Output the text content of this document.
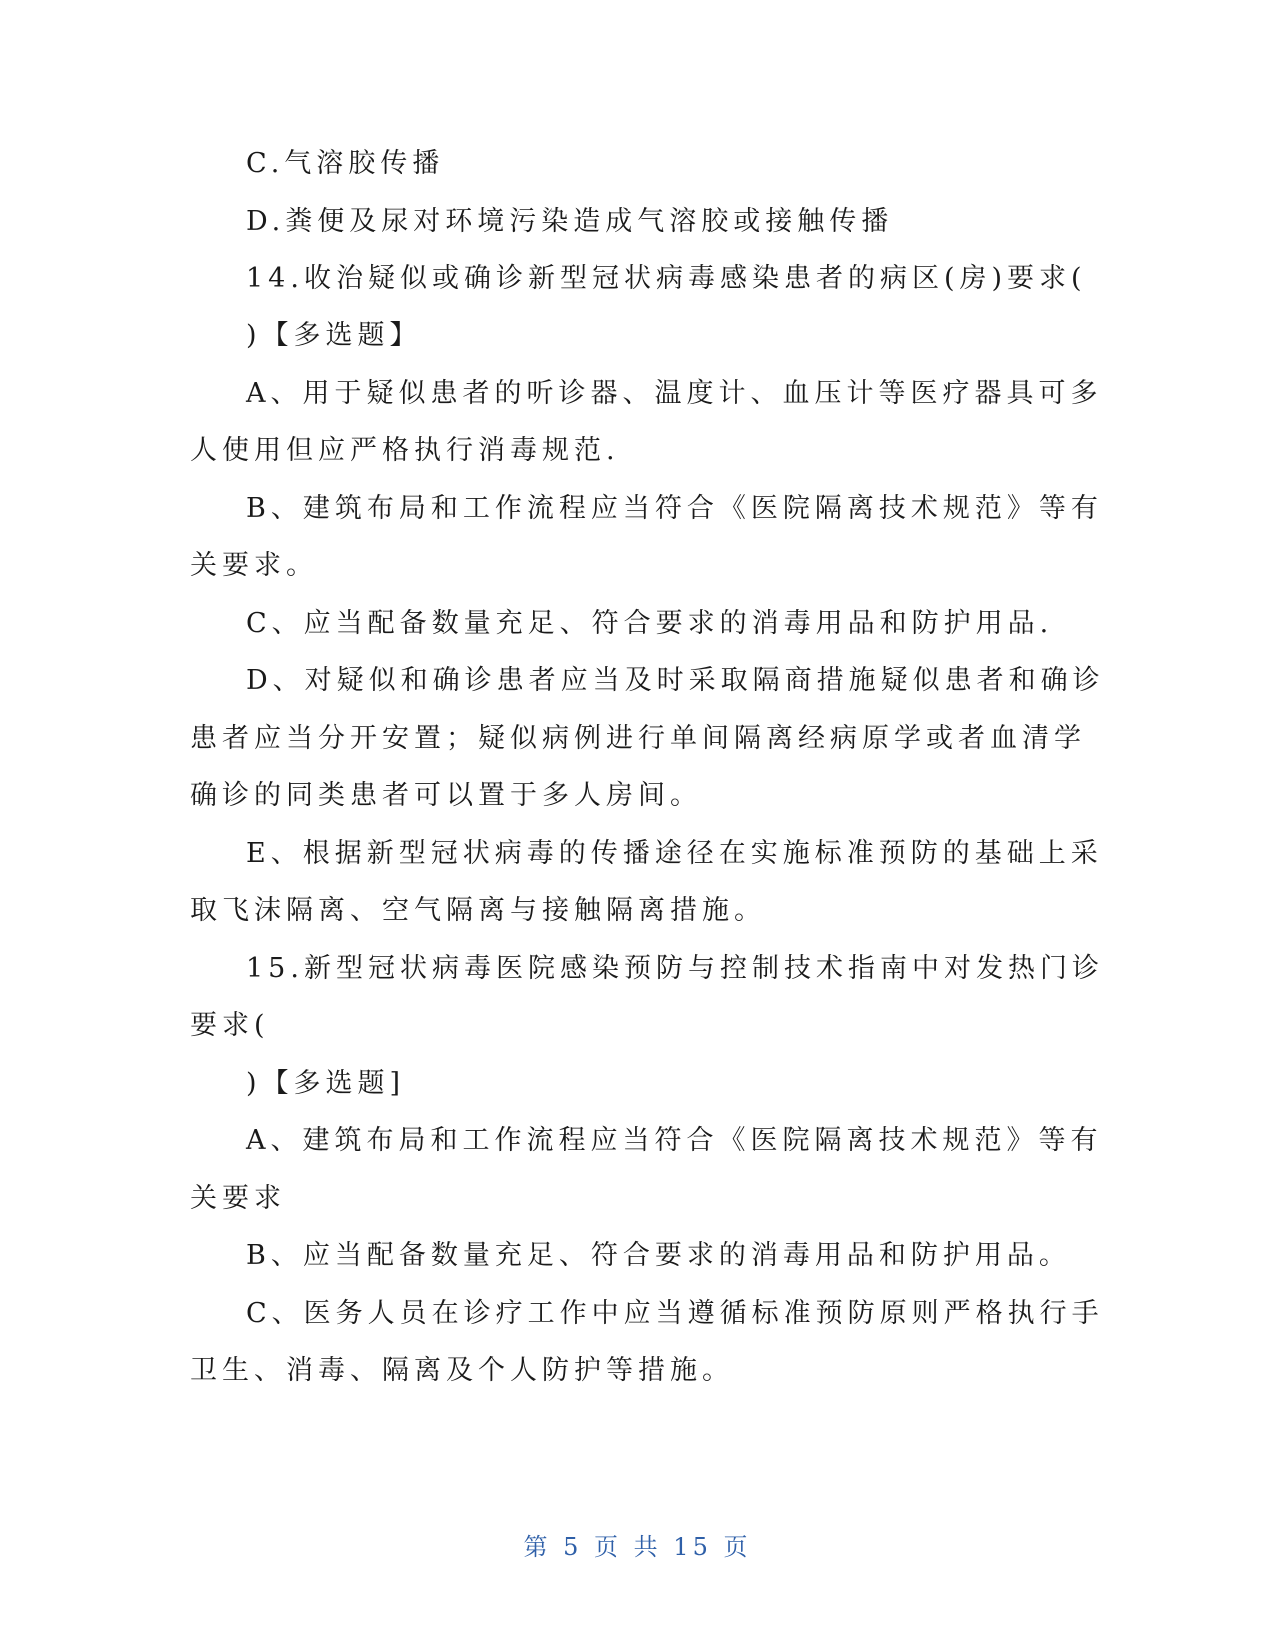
C.气溶胶传播
D.粪便及尿对环境污染造成气溶胶或接触传播
14.收治疑似或确诊新型冠状病毒感染患者的病区(房)要求(
)【多选题】
A、用于疑似患者的听诊器、温度计、血压计等医疗器具可多
人使用但应严格执行消毒规范.
B、建筑布局和工作流程应当符合《医院隔离技术规范》等有
关要求。
C、应当配备数量充足、符合要求的消毒用品和防护用品.
D、对疑似和确诊患者应当及时采取隔商措施疑似患者和确诊
患者应当分开安置；疑似病例进行单间隔离经病原学或者血清学
确诊的同类患者可以置于多人房间。
E、根据新型冠状病毒的传播途径在实施标准预防的基础上采
取飞沫隔离、空气隔离与接触隔离措施。
15.新型冠状病毒医院感染预防与控制技术指南中对发热门诊
要求(
)【多选题]
A、建筑布局和工作流程应当符合《医院隔离技术规范》等有
关要求
B、应当配备数量充足、符合要求的消毒用品和防护用品。
C、医务人员在诊疗工作中应当遵循标准预防原则严格执行手
卫生、消毒、隔离及个人防护等措施。
第 5 页 共 15 页
